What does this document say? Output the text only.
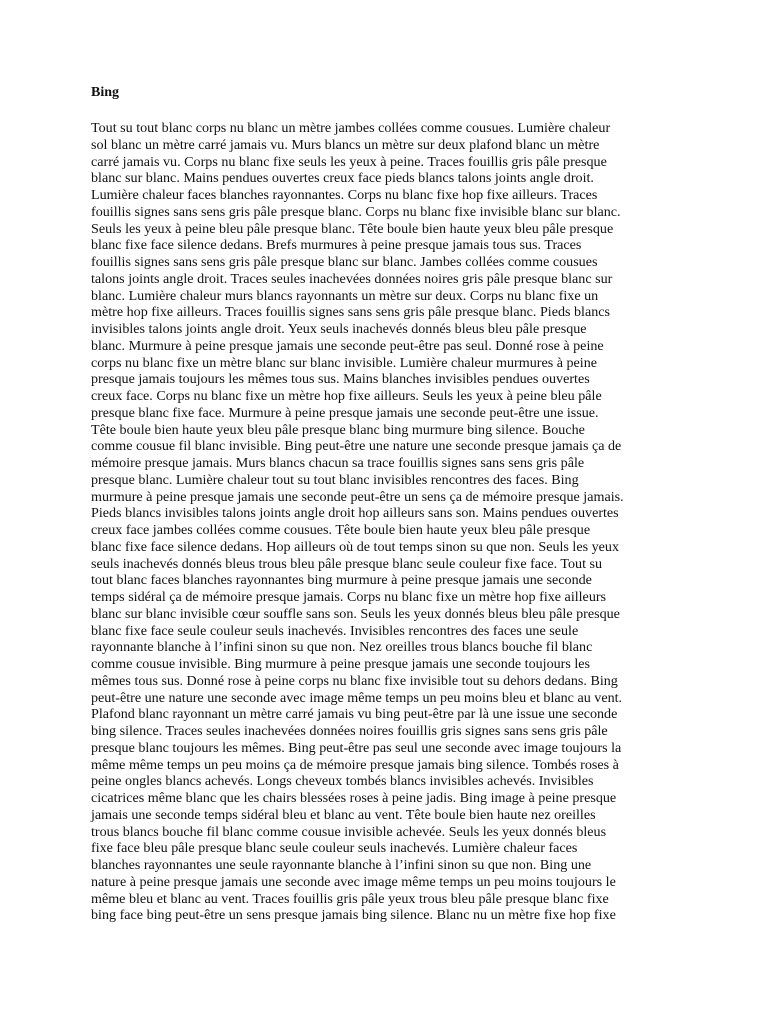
Bing
Tout su tout blanc corps nu blanc un mètre jambes collées comme cousues. Lumière chaleur
sol blanc un mètre carré jamais vu. Murs blancs un mètre sur deux plafond blanc un mètre
carré jamais vu. Corps nu blanc fixe seuls les yeux à peine. Traces fouillis gris pâle presque
blanc sur blanc. Mains pendues ouvertes creux face pieds blancs talons joints angle droit.
Lumière chaleur faces blanches rayonnantes. Corps nu blanc fixe hop fixe ailleurs. Traces
fouillis signes sans sens gris pâle presque blanc. Corps nu blanc fixe invisible blanc sur blanc.
Seuls les yeux à peine bleu pâle presque blanc. Tête boule bien haute yeux bleu pâle presque
blanc fixe face silence dedans. Brefs murmures à peine presque jamais tous sus. Traces
fouillis signes sans sens gris pâle presque blanc sur blanc. Jambes collées comme cousues
talons joints angle droit. Traces seules inachevées données noires gris pâle presque blanc sur
blanc. Lumière chaleur murs blancs rayonnants un mètre sur deux. Corps nu blanc fixe un
mètre hop fixe ailleurs. Traces fouillis signes sans sens gris pâle presque blanc. Pieds blancs
invisibles talons joints angle droit. Yeux seuls inachevés donnés bleus bleu pâle presque
blanc. Murmure à peine presque jamais une seconde peut-être pas seul. Donné rose à peine
corps nu blanc fixe un mètre blanc sur blanc invisible. Lumière chaleur murmures à peine
presque jamais toujours les mêmes tous sus. Mains blanches invisibles pendues ouvertes
creux face. Corps nu blanc fixe un mètre hop fixe ailleurs. Seuls les yeux à peine bleu pâle
presque blanc fixe face. Murmure à peine presque jamais une seconde peut-être une issue.
Tête boule bien haute yeux bleu pâle presque blanc bing murmure bing silence. Bouche
comme cousue fil blanc invisible. Bing peut-être une nature une seconde presque jamais ça de
mémoire presque jamais. Murs blancs chacun sa trace fouillis signes sans sens gris pâle
presque blanc. Lumière chaleur tout su tout blanc invisibles rencontres des faces. Bing
murmure à peine presque jamais une seconde peut-être un sens ça de mémoire presque jamais.
Pieds blancs invisibles talons joints angle droit hop ailleurs sans son. Mains pendues ouvertes
creux face jambes collées comme cousues. Tête boule bien haute yeux bleu pâle presque
blanc fixe face silence dedans. Hop ailleurs où de tout temps sinon su que non. Seuls les yeux
seuls inachevés donnés bleus trous bleu pâle presque blanc seule couleur fixe face. Tout su
tout blanc faces blanches rayonnantes bing murmure à peine presque jamais une seconde
temps sidéral ça de mémoire presque jamais. Corps nu blanc fixe un mètre hop fixe ailleurs
blanc sur blanc invisible cœur souffle sans son. Seuls les yeux donnés bleus bleu pâle presque
blanc fixe face seule couleur seuls inachevés. Invisibles rencontres des faces une seule
rayonnante blanche à l’infini sinon su que non. Nez oreilles trous blancs bouche fil blanc
comme cousue invisible. Bing murmure à peine presque jamais une seconde toujours les
mêmes tous sus. Donné rose à peine corps nu blanc fixe invisible tout su dehors dedans. Bing
peut-être une nature une seconde avec image même temps un peu moins bleu et blanc au vent.
Plafond blanc rayonnant un mètre carré jamais vu bing peut-être par là une issue une seconde
bing silence. Traces seules inachevées données noires fouillis gris signes sans sens gris pâle
presque blanc toujours les mêmes. Bing peut-être pas seul une seconde avec image toujours la
même même temps un peu moins ça de mémoire presque jamais bing silence. Tombés roses à
peine ongles blancs achevés. Longs cheveux tombés blancs invisibles achevés. Invisibles
cicatrices même blanc que les chairs blessées roses à peine jadis. Bing image à peine presque
jamais une seconde temps sidéral bleu et blanc au vent. Tête boule bien haute nez oreilles
trous blancs bouche fil blanc comme cousue invisible achevée. Seuls les yeux donnés bleus
fixe face bleu pâle presque blanc seule couleur seuls inachevés. Lumière chaleur faces
blanches rayonnantes une seule rayonnante blanche à l’infini sinon su que non. Bing une
nature à peine presque jamais une seconde avec image même temps un peu moins toujours le
même bleu et blanc au vent. Traces fouillis gris pâle yeux trous bleu pâle presque blanc fixe
bing face bing peut-être un sens presque jamais bing silence. Blanc nu un mètre fixe hop fixe
